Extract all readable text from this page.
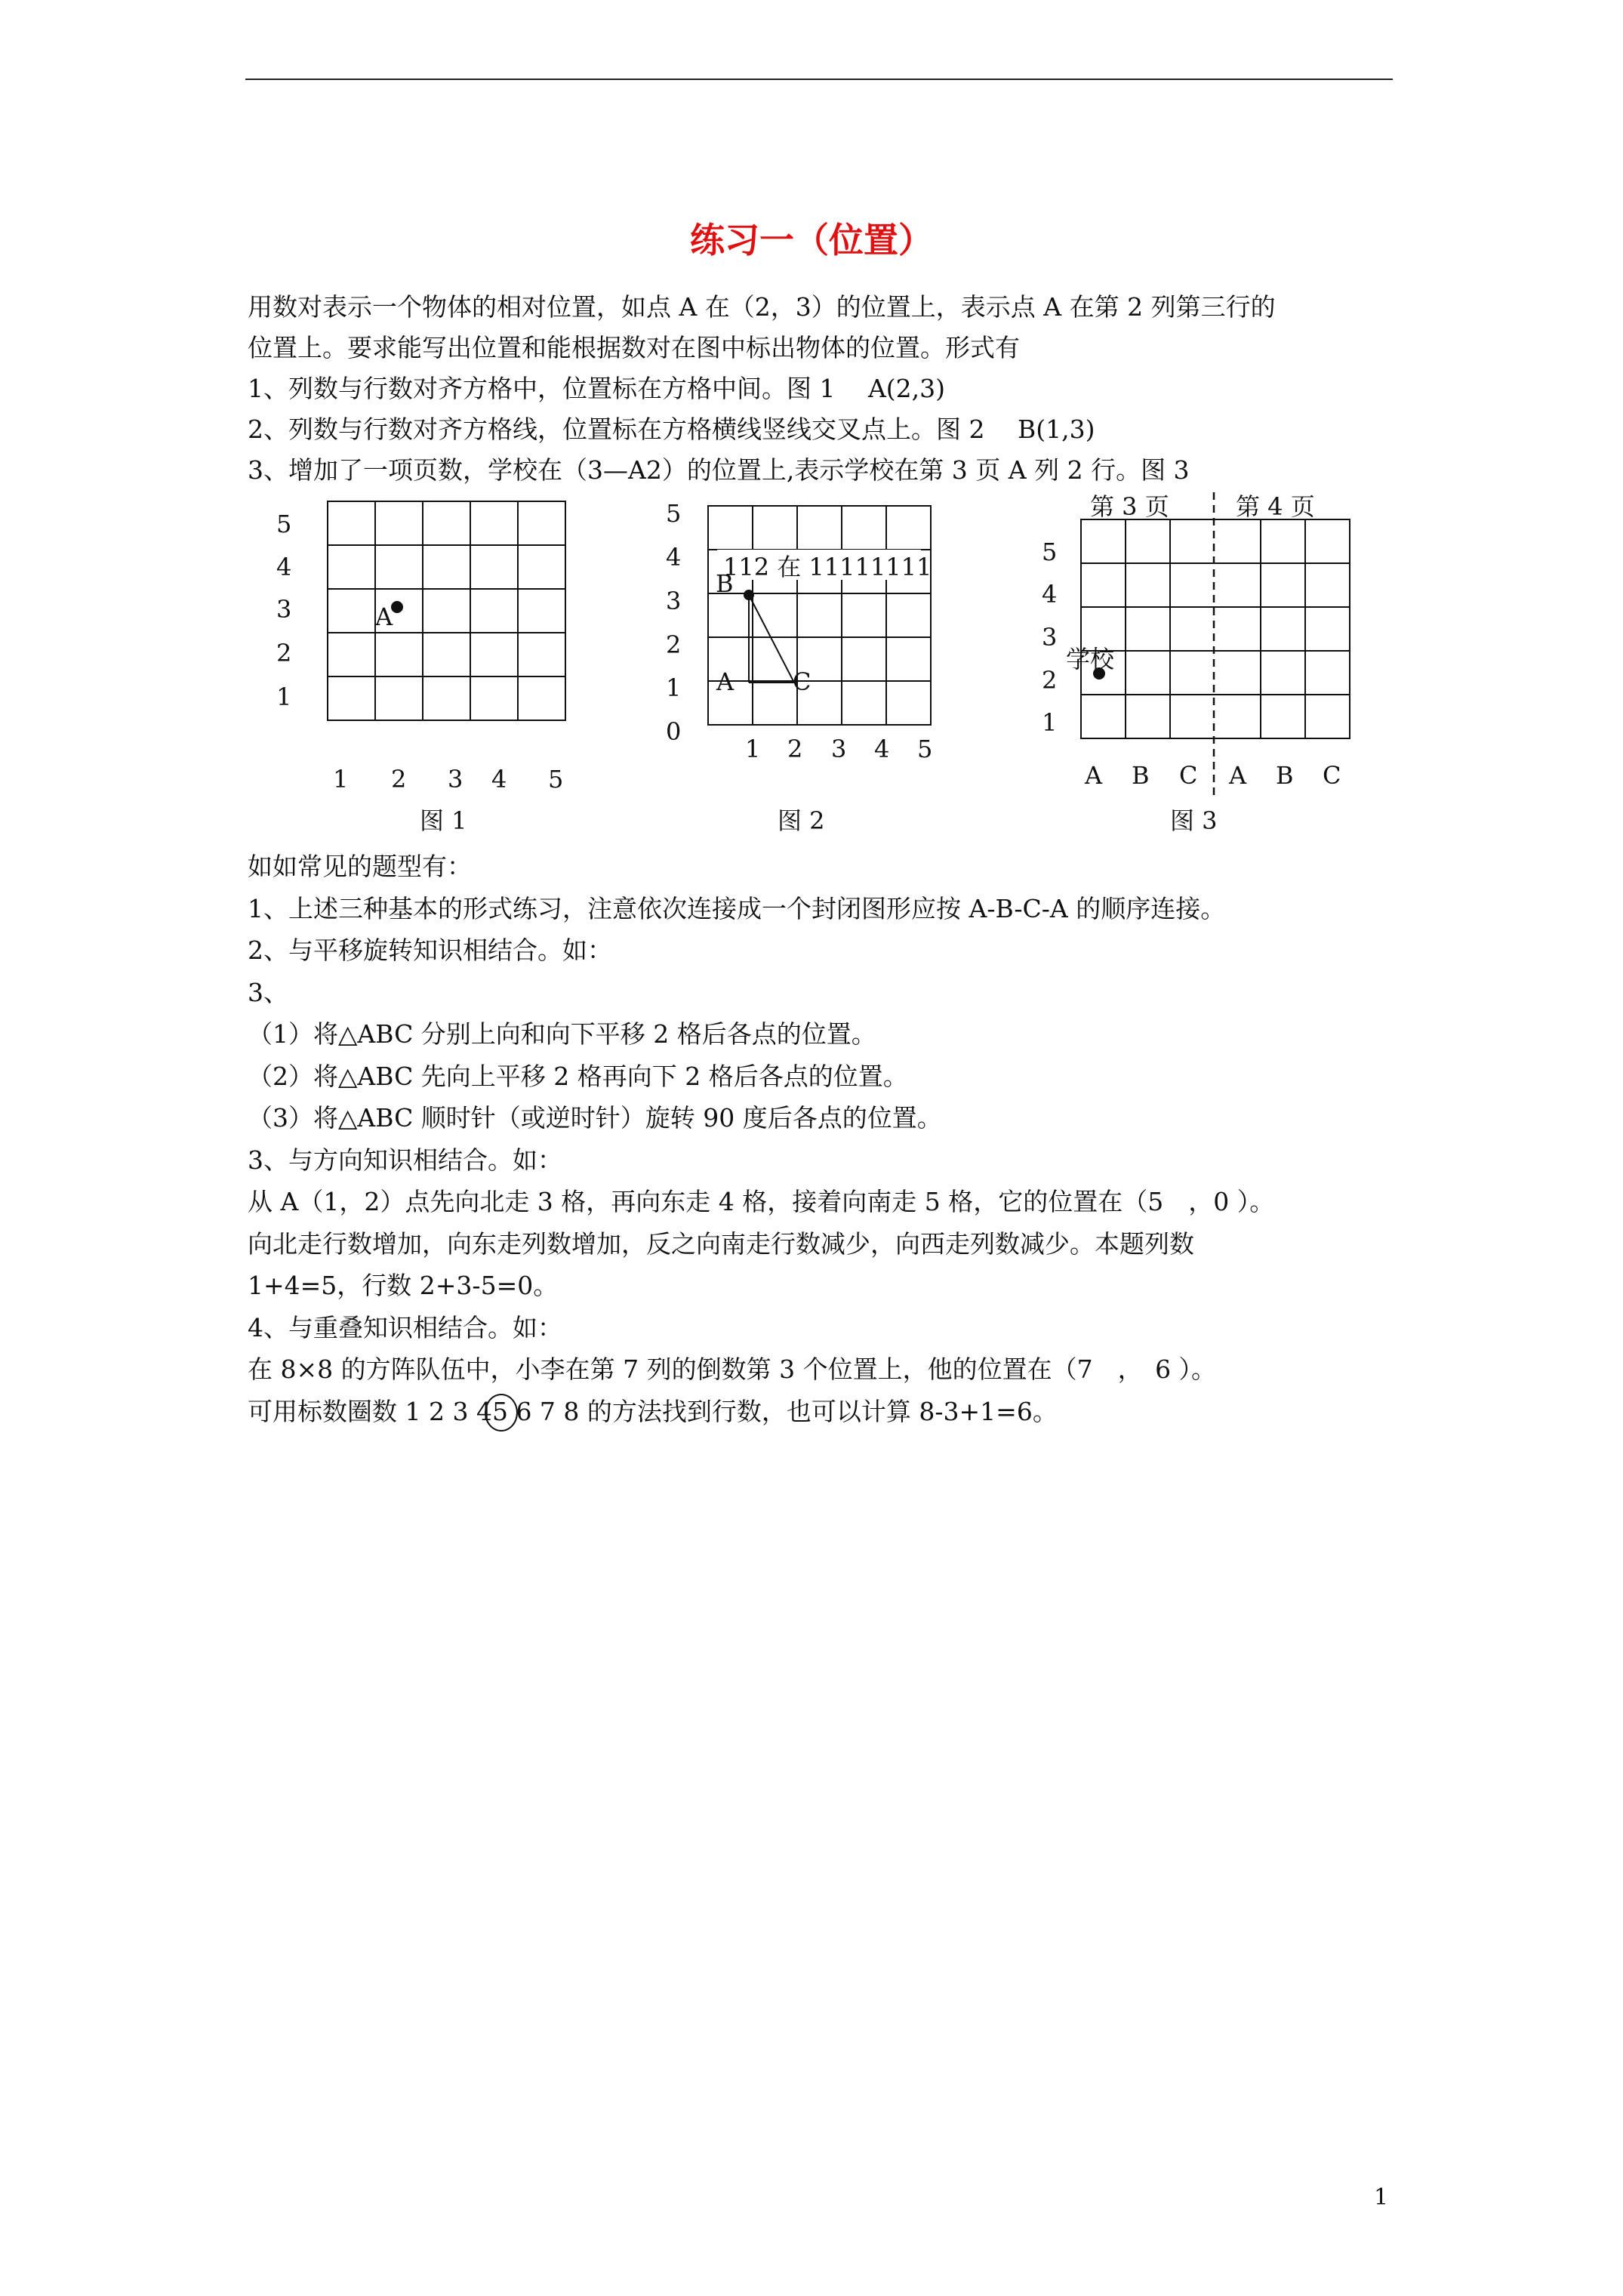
练习一（位置）
用数对表示一个物体的相对位置，如点 A 在（2，3）的位置上，表示点 A 在第 2 列第三行的
位置上。要求能写出位置和能根据数对在图中标出物体的位置。形式有
1、列数与行数对齐方格中，位置标在方格中间。图 1　 A(2,3)
2、列数与行数对齐方格线，位置标在方格横线竖线交叉点上。图 2　 B(1,3)
3、增加了一项页数，学校在（3—A2）的位置上,表示学校在第 3 页 A 列 2 行。图 3
5
4
3
2
1
1 2 3 4 5
A
图 1
5
4
3
2
1
0
1 2 3 4 5
112 在 11111111
B
A C
图 2
第 3 页	第 4 页
5
4
3
2
1
A B C A B C
学校
图 3
如如常见的题型有：
1、上述三种基本的形式练习，注意依次连接成一个封闭图形应按 A-B-C-A 的顺序连接。
2、与平移旋转知识相结合。如：
3、
（1）将△ABC 分别上向和向下平移 2 格后各点的位置。
（2）将△ABC 先向上平移 2 格再向下 2 格后各点的位置。
（3）将△ABC 顺时针（或逆时针）旋转 90 度后各点的位置。
3、与方向知识相结合。如：
从 A（1，2）点先向北走 3 格，再向东走 4 格，接着向南走 5 格，它的位置在（5　，0 ）。
向北走行数增加，向东走列数增加，反之向南走行数减少，向西走列数减少。本题列数
1+4=5，行数 2+3-5=0。
4、与重叠知识相结合。如：
在 8×8 的方阵队伍中，小李在第 7 列的倒数第 3 个位置上，他的位置在（7　，　6 ）。
可用标数圈数 1 2 3 45 6 7 8 的方法找到行数，也可以计算 8-3+1=6。
1
